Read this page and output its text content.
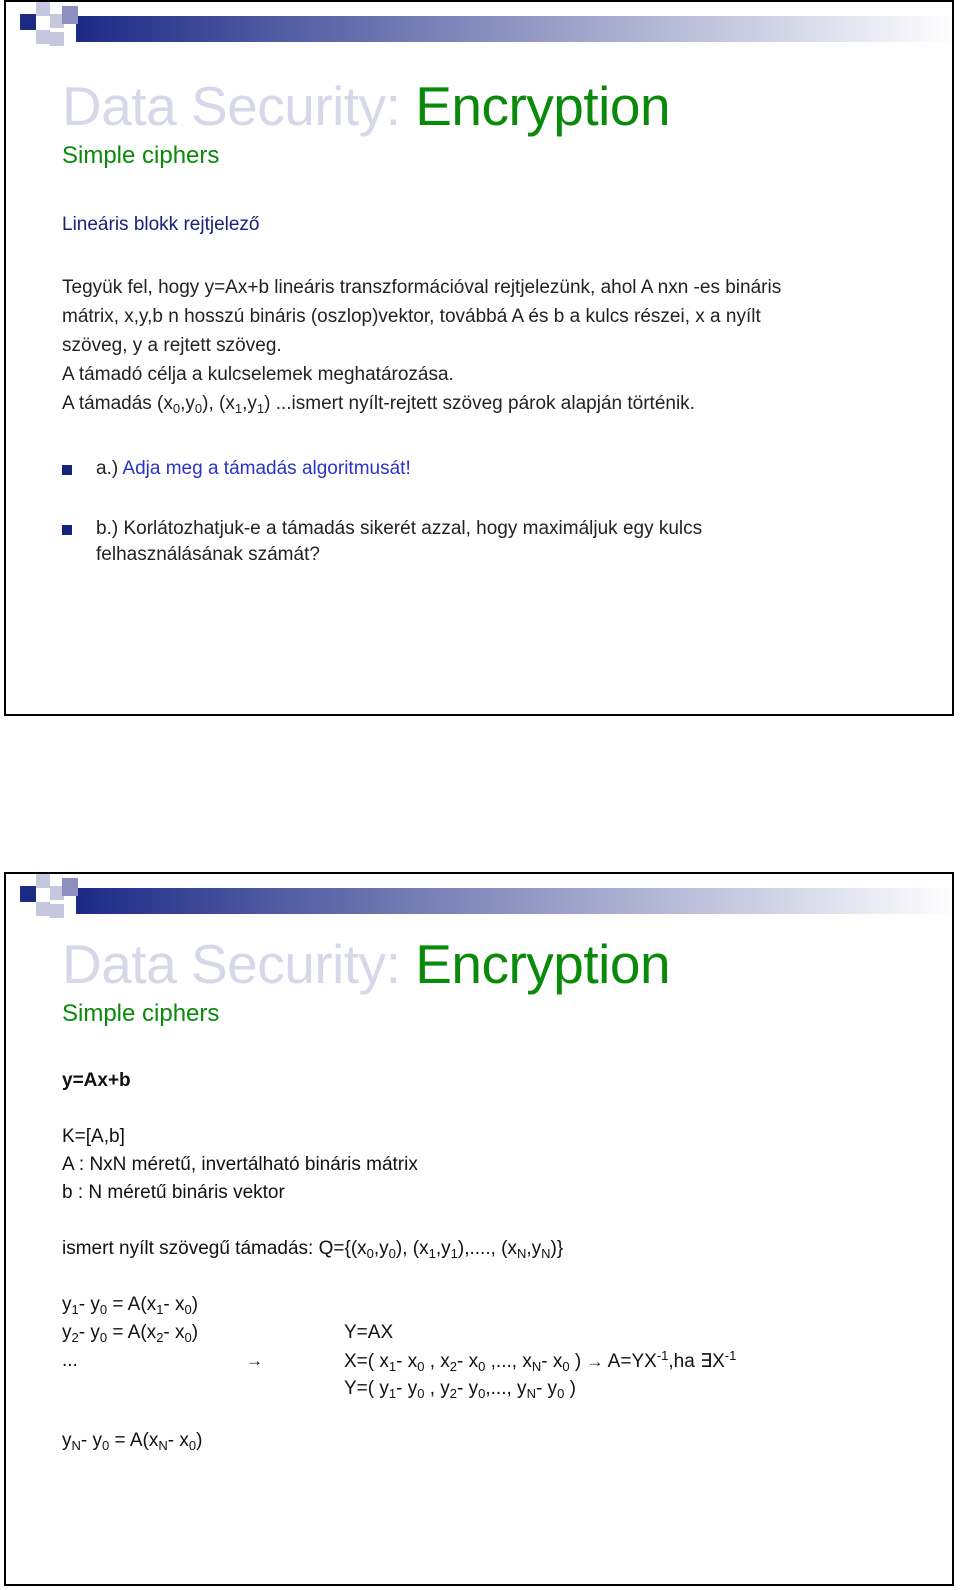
Data Security: Encryption
Simple ciphers
Lineáris blokk rejtjelező
Tegyük fel, hogy y=Ax+b lineáris transzformációval rejtjelezünk, ahol A nxn -es bináris
mátrix, x,y,b n hosszú bináris (oszlop)vektor, továbbá A és b a kulcs részei, x a nyílt
szöveg, y a rejtett szöveg.
A támadó célja a kulcselemek meghatározása.
A támadás $(x_0,y_0)$, $(x_1,y_1)$ ...ismert nyílt-rejtett szöveg párok alapján történik.
a.) Adja meg a támadás algoritmusát!
b.) Korlátozhatjuk-e a támadás sikerét azzal, hogy maximáljuk egy kulcs
felhasználásának számát?
Data Security: Encryption
Simple ciphers
y=Ax+b
K=[A,b]
A : NxN méretű, invertálható bináris mátrix
b : N méretű bináris vektor
ismert nyílt szövegű támadás: $Q=\{(x_0,y_0)$, $(x_1,y_1)$,...., $(x_N,y_N)$}
$y_1-$ $y_0 = A(x_1-$ $x_0$)
$y_2-$ $y_0 = A(x_2-$ $x_0$)
...
$y_N-$ $y_0 = A(x_N-$ $x_0$)
→
Y=AX
X=( $x_1-$ $x_0$ , $x_2-$ $x_0$ ,..., $x_N-$ $x_0$ ) → $A=YX^{-1},ha$ $\exists X^{-1}$
Y=( $y_1-$ $y_0$ , $y_2-$ $y_0$,..., $y_N-$ $y_0$ )
